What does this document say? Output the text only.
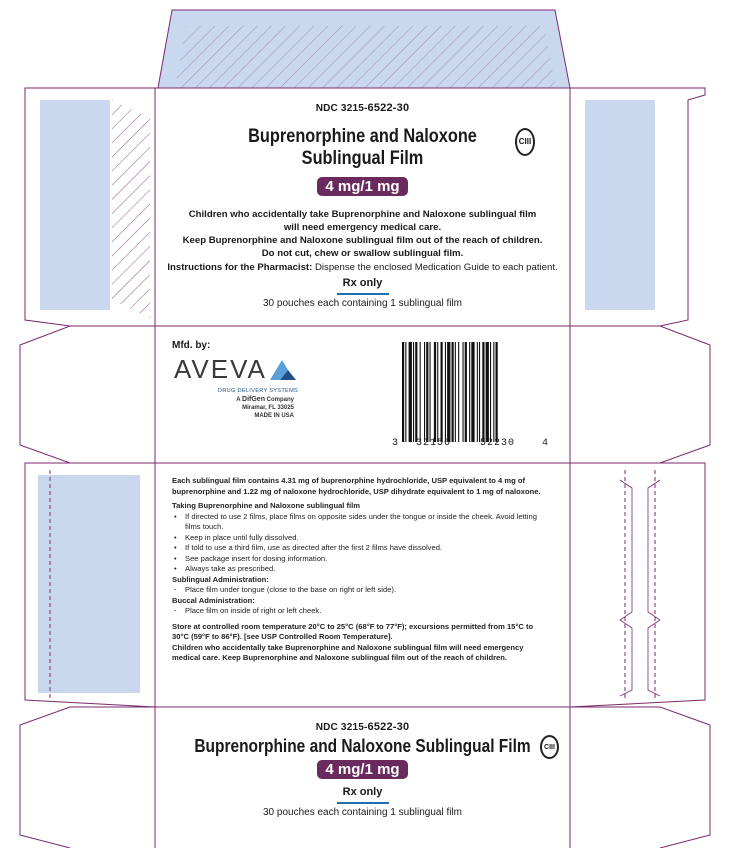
NDC 3215-6522-30
Buprenorphine and Naloxone
Sublingual Film
CIII
4 mg/1 mg
Children who accidentally take Buprenorphine and Naloxone sublingual film
will need emergency medical care.
Keep Buprenorphine and Naloxone sublingual film out of the reach of children.
Do not cut, chew or swallow sublingual film.
Instructions for the Pharmacist: Dispense the enclosed Medication Guide to each patient.
Rx only
30 pouches each containing 1 sublingual film
Mfd. by:
AVEVA
DRUG DELIVERY SYSTEMS
A DifGen Company
Miramar, FL 33025
MADE IN USA
3 32156	52230	4
Each sublingual film contains 4.31 mg of buprenorphine hydrochloride, USP equivalent to 4 mg of buprenorphine and 1.22 mg of naloxone hydrochloride, USP dihydrate equivalent to 1 mg of naloxone.
Taking Buprenorphine and Naloxone sublingual film
• If directed to use 2 films, place films on opposite sides under the tongue or inside the cheek. Avoid letting films touch.
• Keep in place until fully dissolved.
• If told to use a third film, use as directed after the first 2 films have dissolved.
• See package insert for dosing information.
• Always take as prescribed.
Sublingual Administration:
- Place film under tongue (close to the base on right or left side).
Buccal Administration:
- Place film on inside of right or left cheek.
Store at controlled room temperature 20°C to 25°C (68°F to 77°F); excursions permitted from 15°C to 30°C (59°F to 86°F). [see USP Controlled Room Temperature].
Children who accidentally take Buprenorphine and Naloxone sublingual film will need emergency medical care. Keep Buprenorphine and Naloxone sublingual film out of the reach of children.
NDC 3215-6522-30
Buprenorphine and Naloxone Sublingual Film	CIII
4 mg/1 mg
Rx only
30 pouches each containing 1 sublingual film
